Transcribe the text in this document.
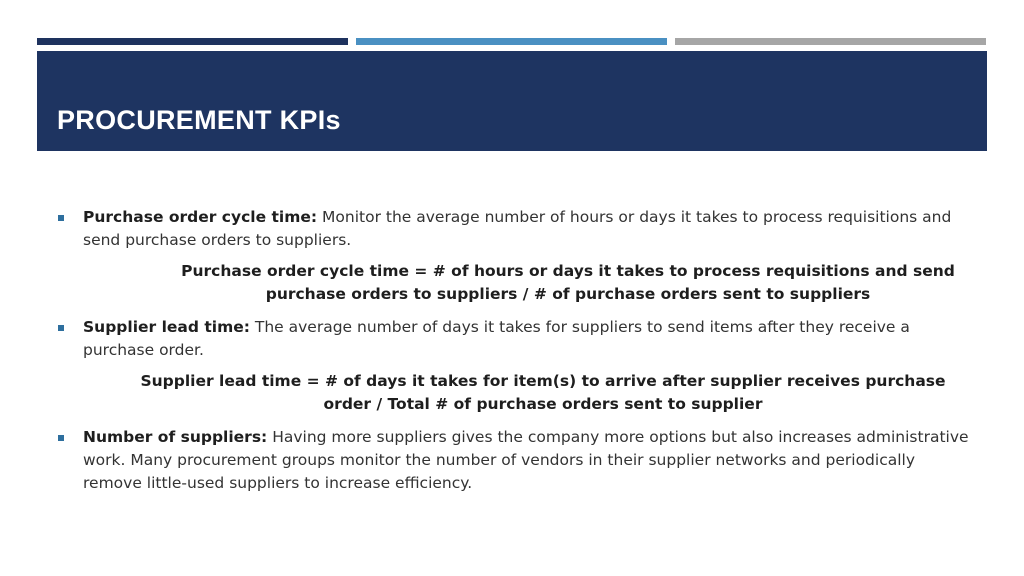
PROCUREMENT KPIs
Purchase order cycle time: Monitor the average number of hours or days it takes to process requisitions and send purchase orders to suppliers.
Purchase order cycle time = # of hours or days it takes to process requisitions and send
purchase orders to suppliers / # of purchase orders sent to suppliers
Supplier lead time: The average number of days it takes for suppliers to send items after they receive a purchase order.
Supplier lead time = # of days it takes for item(s) to arrive after supplier receives purchase
order / Total # of purchase orders sent to supplier
Number of suppliers: Having more suppliers gives the company more options but also increases administrative work. Many procurement groups monitor the number of vendors in their supplier networks and periodically remove little-used suppliers to increase efficiency.
